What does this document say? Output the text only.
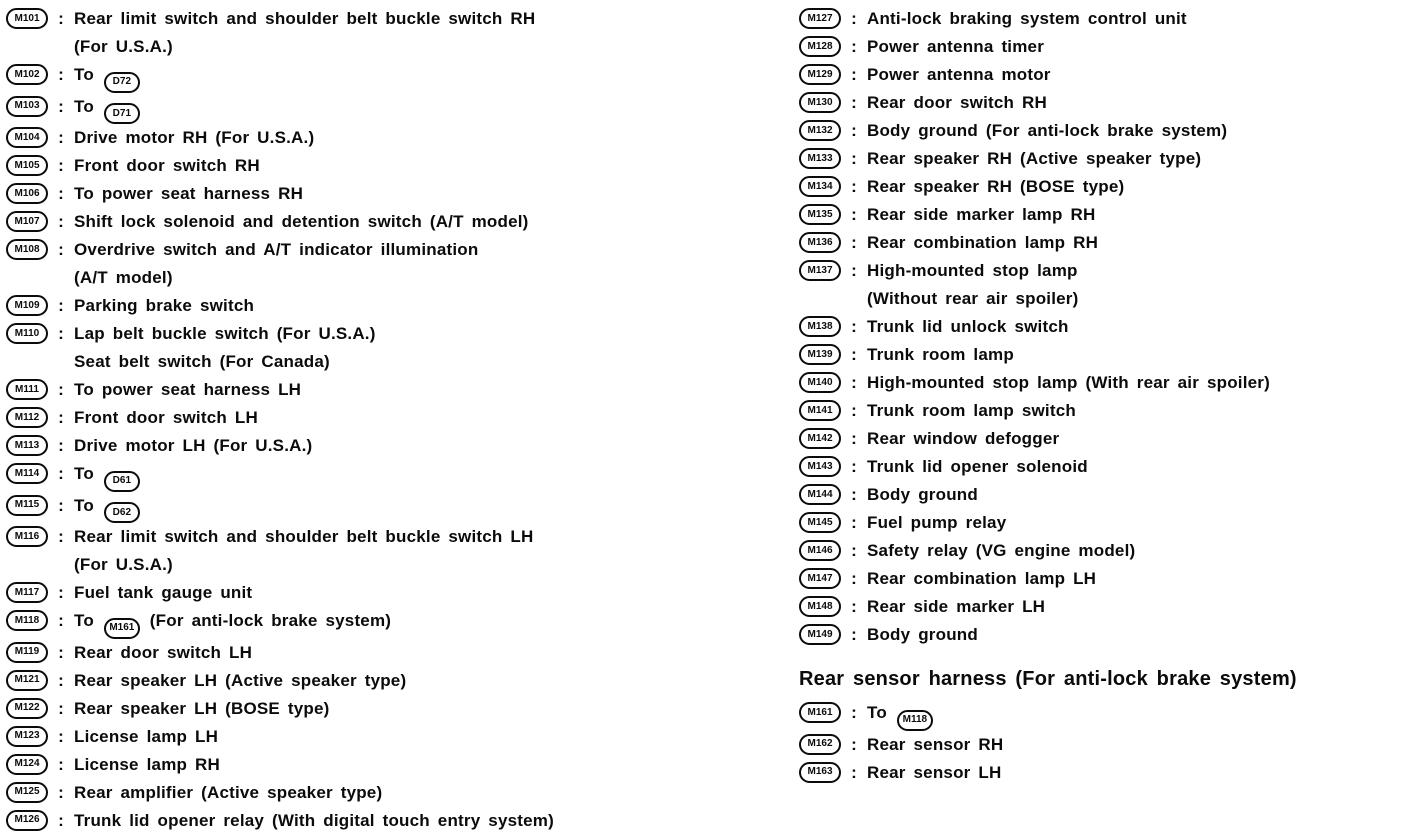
M101	: Rear limit switch and shoulder belt buckle switch RH
(For U.S.A.)
M102	: To D72
M103	: To D71
M104	: Drive motor RH (For U.S.A.)
M105	: Front door switch RH
M106	: To power seat harness RH
M107	: Shift lock solenoid and detention switch (A/T model)
M108	: Overdrive switch and A/T indicator illumination
(A/T model)
M109	: Parking brake switch
M110	: Lap belt buckle switch (For U.S.A.)
Seat belt switch (For Canada)
M111	: To power seat harness LH
M112	: Front door switch LH
M113	: Drive motor LH (For U.S.A.)
M114	: To D61
M115	: To D62
M116	: Rear limit switch and shoulder belt buckle switch LH
(For U.S.A.)
M117	: Fuel tank gauge unit
M118	: To M161 (For anti-lock brake system)
M119	: Rear door switch LH
M121	: Rear speaker LH (Active speaker type)
M122	: Rear speaker LH (BOSE type)
M123	: License lamp LH
M124	: License lamp RH
M125	: Rear amplifier (Active speaker type)
M126	: Trunk lid opener relay (With digital touch entry system)
M127	: Anti-lock braking system control unit
M128	: Power antenna timer
M129	: Power antenna motor
M130	: Rear door switch RH
M132	: Body ground (For anti-lock brake system)
M133	: Rear speaker RH (Active speaker type)
M134	: Rear speaker RH (BOSE type)
M135	: Rear side marker lamp RH
M136	: Rear combination lamp RH
M137	: High-mounted stop lamp
(Without rear air spoiler)
M138	: Trunk lid unlock switch
M139	: Trunk room lamp
M140	: High-mounted stop lamp (With rear air spoiler)
M141	: Trunk room lamp switch
M142	: Rear window defogger
M143	: Trunk lid opener solenoid
M144	: Body ground
M145	: Fuel pump relay
M146	: Safety relay (VG engine model)
M147	: Rear combination lamp LH
M148	: Rear side marker LH
M149	: Body ground
Rear sensor harness (For anti-lock brake system)
M161	: To M118
M162	: Rear sensor RH
M163	: Rear sensor LH
